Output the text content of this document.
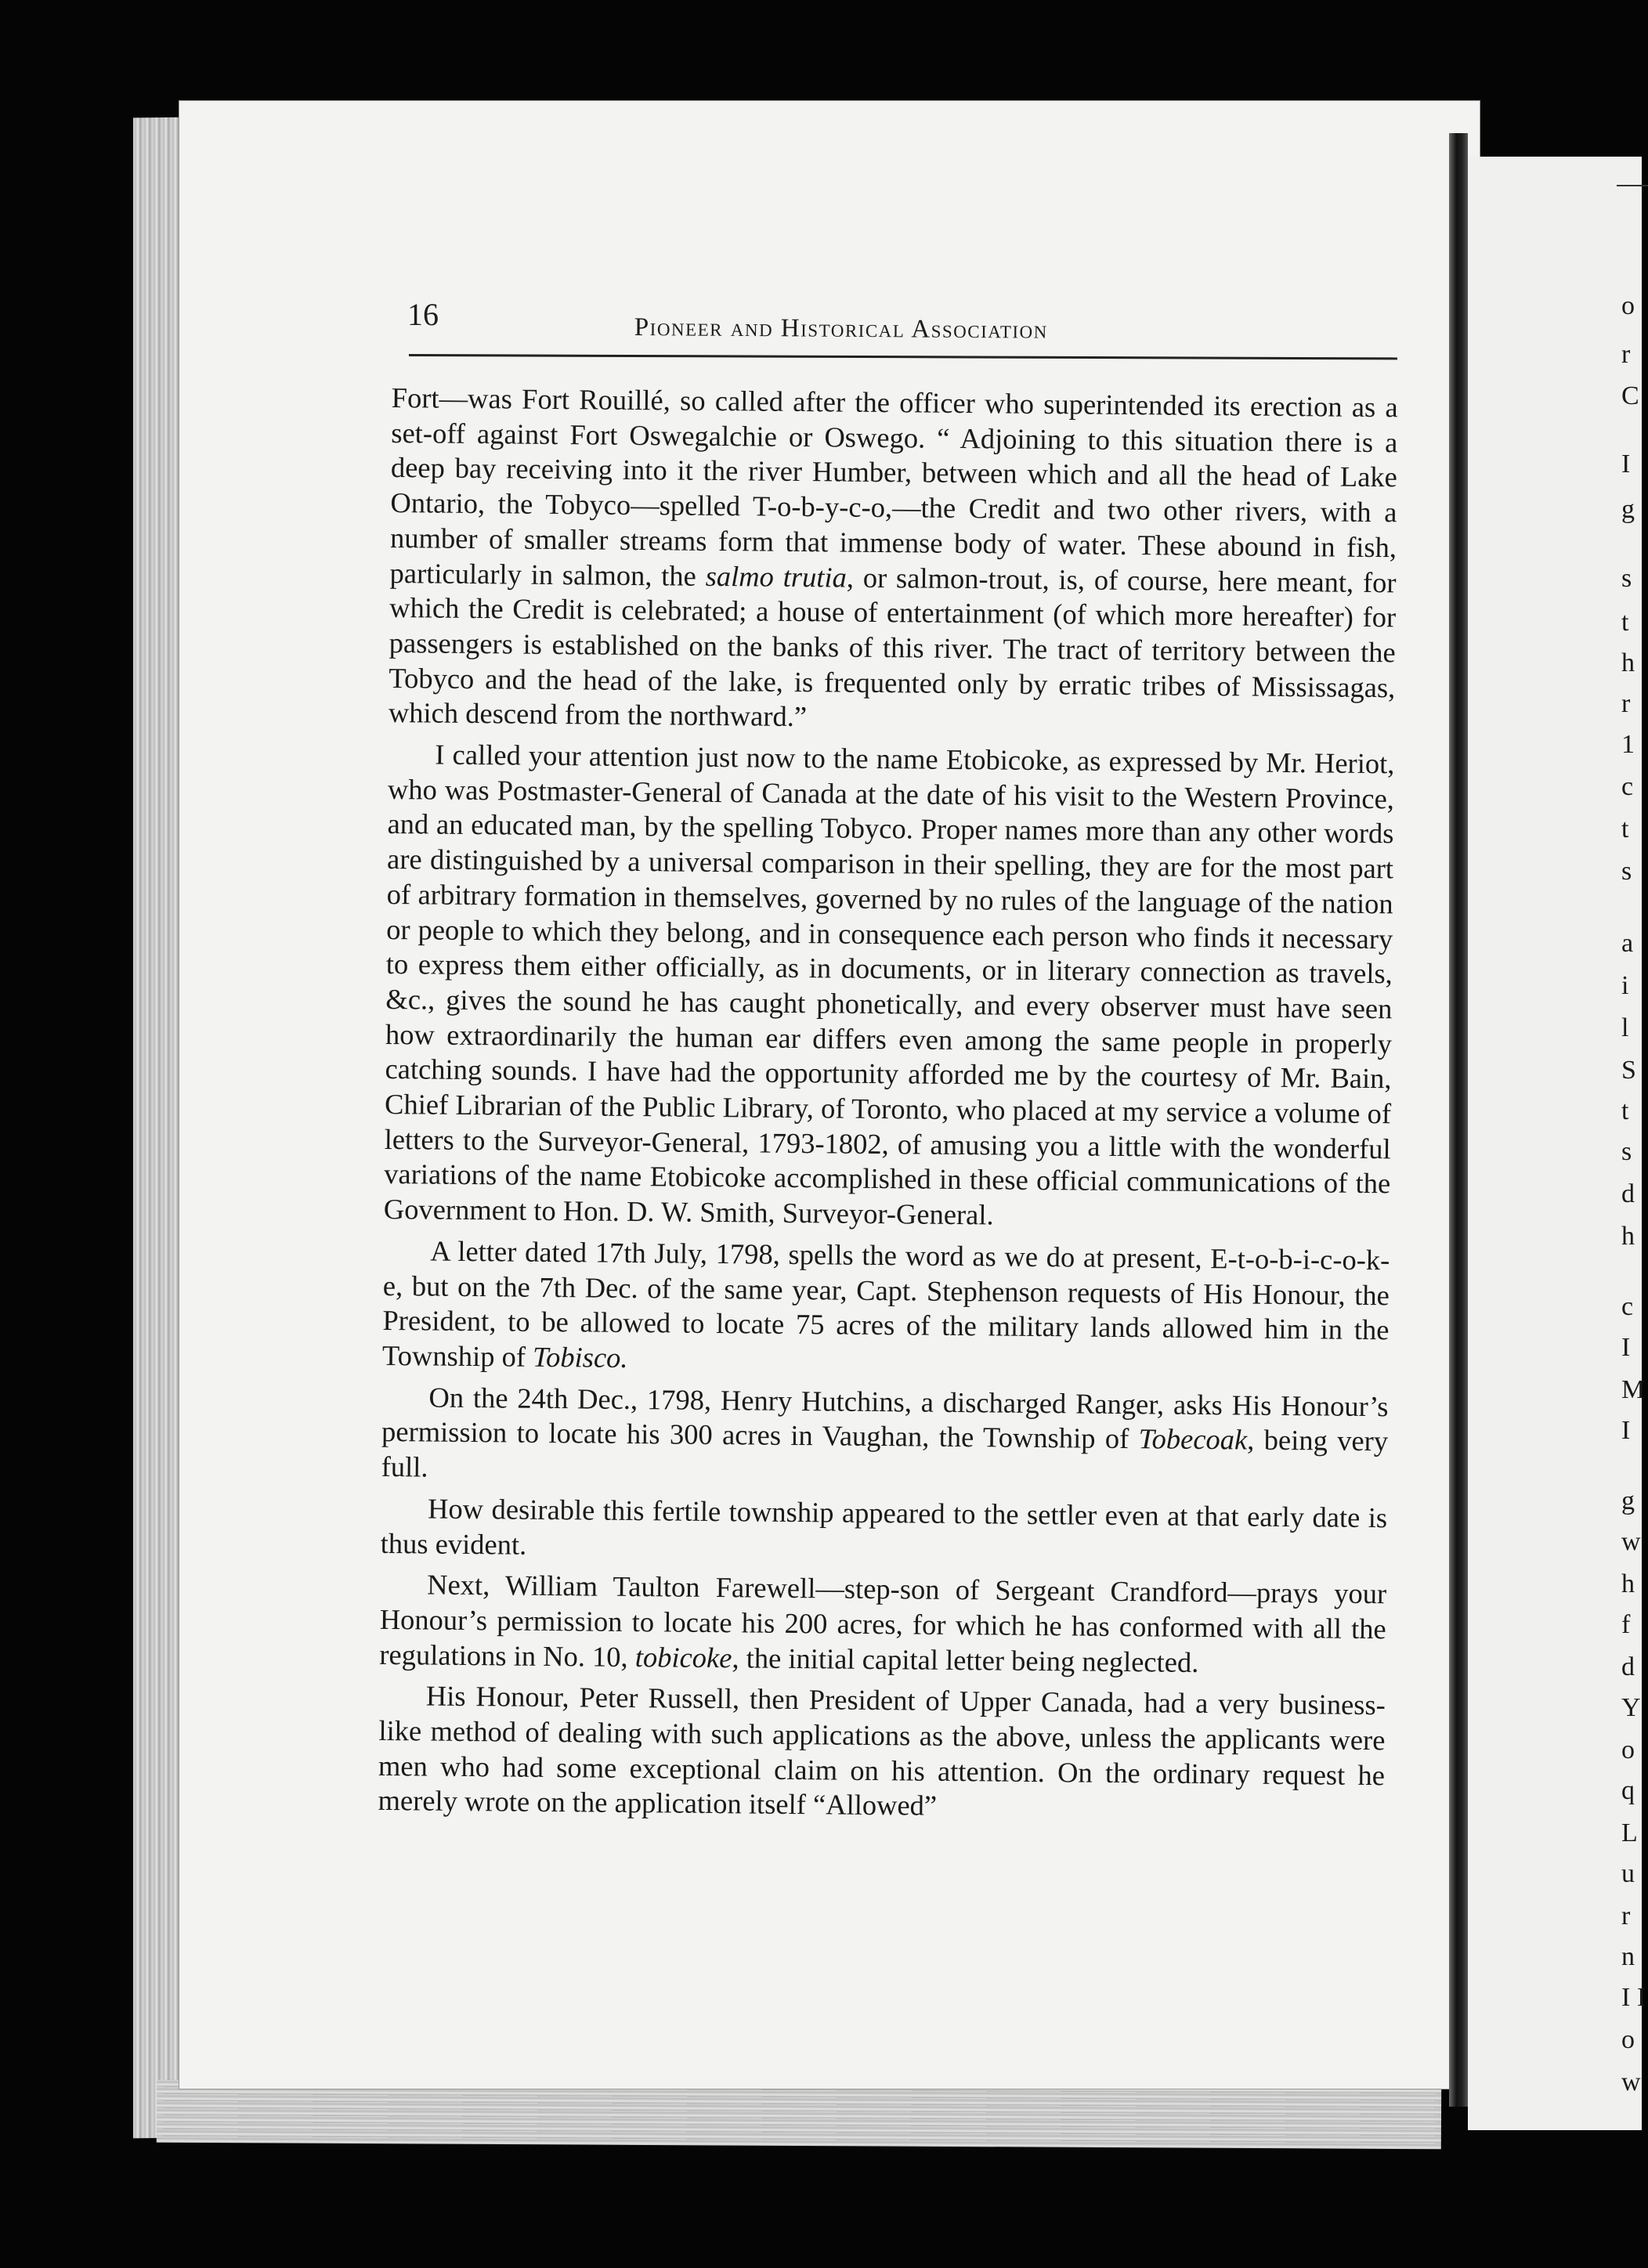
16	Pioneer and Historical Association

Fort—was Fort Rouillé, so called after the officer who superintended its erection as a set-off against Fort Oswegalchie or Oswego. “ Adjoining to this situation there is a deep bay receiving into it the river Humber, between which and all the head of Lake Ontario, the Tobyco—spelled T-o-b-y-c-o,—the Credit and two other rivers, with a number of smaller streams form that immense body of water. These abound in fish, particularly in salmon, the salmo trutia, or salmon-trout, is, of course, here meant, for which the Credit is celebrated; a house of entertainment (of which more hereafter) for passengers is established on the banks of this river. The tract of territory between the Tobyco and the head of the lake, is frequented only by erratic tribes of Mississagas, which descend from the northward.”

I called your attention just now to the name Etobicoke, as expressed by Mr. Heriot, who was Postmaster-General of Canada at the date of his visit to the Western Province, and an educated man, by the spelling Tobyco. Proper names more than any other words are distinguished by a universal comparison in their spelling, they are for the most part of arbitrary formation in themselves, governed by no rules of the language of the nation or people to which they belong, and in consequence each person who finds it necessary to express them either officially, as in documents, or in literary connection as travels, &c., gives the sound he has caught phonetically, and every observer must have seen how extraordinarily the human ear differs even among the same people in properly catching sounds. I have had the opportunity afforded me by the courtesy of Mr. Bain, Chief Librarian of the Public Library, of Toronto, who placed at my service a volume of letters to the Surveyor-General, 1793-1802, of amusing you a little with the wonderful variations of the name Etobicoke accomplished in these official communications of the Government to Hon. D. W. Smith, Surveyor-General.

A letter dated 17th July, 1798, spells the word as we do at present, E-t-o-b-i-c-o-k-e, but on the 7th Dec. of the same year, Capt. Stephenson requests of His Honour, the President, to be allowed to locate 75 acres of the military lands allowed him in the Township of Tobisco.

On the 24th Dec., 1798, Henry Hutchins, a discharged Ranger, asks His Honour’s permission to locate his 300 acres in Vaughan, the Township of Tobecoak, being very full.

How desirable this fertile township appeared to the settler even at that early date is thus evident.

Next, William Taulton Farewell—step-son of Sergeant Crandford—prays your Honour’s permission to locate his 200 acres, for which he has conformed with all the regulations in No. 10, tobicoke, the initial capital letter being neglected.

His Honour, Peter Russell, then President of Upper Canada, had a very business-like method of dealing with such applications as the above, unless the applicants were men who had some exceptional claim on his attention. On the ordinary request he merely wrote on the application itself “Allowed”

o
r
C
I
g
s
t
h
r
1
c
t
s
a
i
l
S
t
s
d
h
c
I
M
I
g
w
h
f
d
Y
o
q
L
u
r
n
I I
o
w
